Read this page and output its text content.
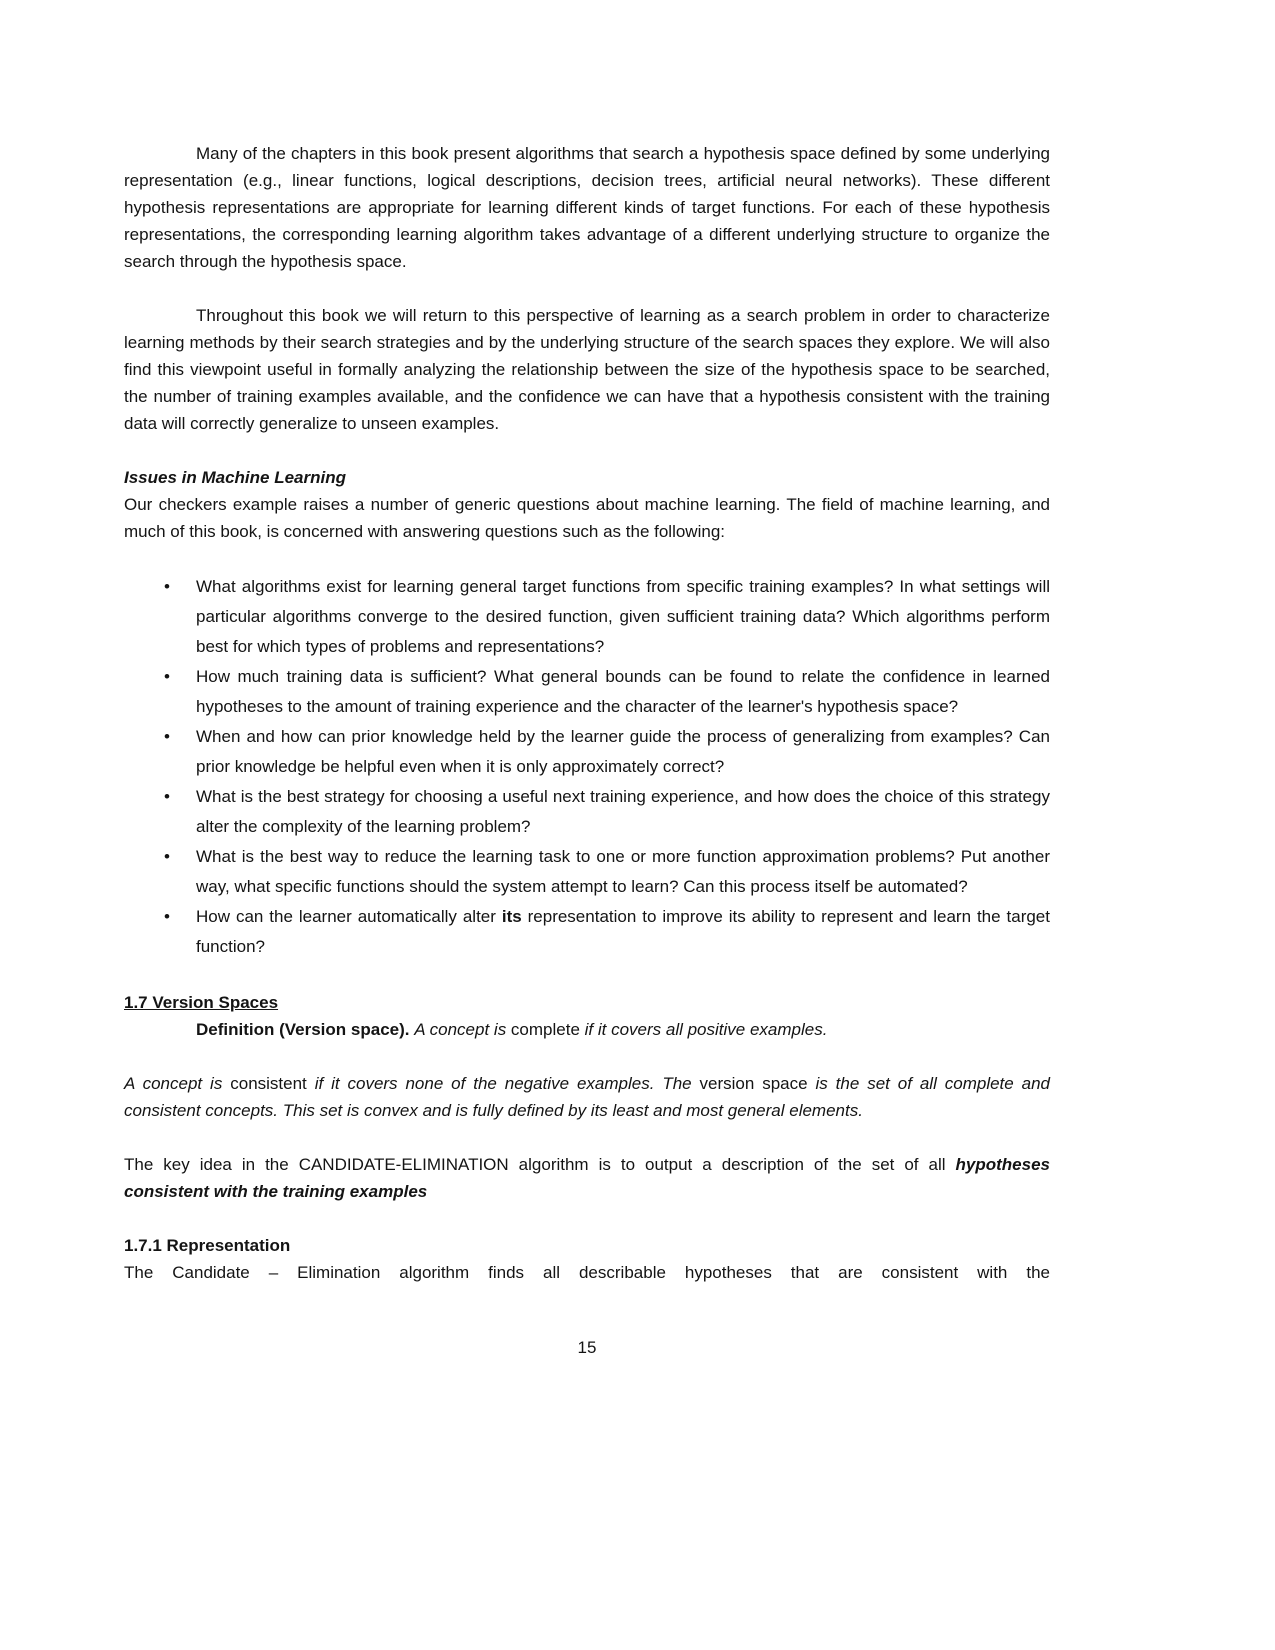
Many of the chapters in this book present algorithms that search a hypothesis space defined by some underlying representation (e.g., linear functions, logical descriptions, decision trees, artificial neural networks). These different hypothesis representations are appropriate for learning different kinds of target functions. For each of these hypothesis representations, the corresponding learning algorithm takes advantage of a different underlying structure to organize the search through the hypothesis space.

Throughout this book we will return to this perspective of learning as a search problem in order to characterize learning methods by their search strategies and by the underlying structure of the search spaces they explore. We will also find this viewpoint useful in formally analyzing the relationship between the size of the hypothesis space to be searched, the number of training examples available, and the confidence we can have that a hypothesis consistent with the training data will correctly generalize to unseen examples.

Issues in Machine Learning

Our checkers example raises a number of generic questions about machine learning. The field of machine learning, and much of this book, is concerned with answering questions such as the following:

• What algorithms exist for learning general target functions from specific training examples? In what settings will particular algorithms converge to the desired function, given sufficient training data? Which algorithms perform best for which types of problems and representations?
• How much training data is sufficient? What general bounds can be found to relate the confidence in learned hypotheses to the amount of training experience and the character of the learner's hypothesis space?
• When and how can prior knowledge held by the learner guide the process of generalizing from examples? Can prior knowledge be helpful even when it is only approximately correct?
• What is the best strategy for choosing a useful next training experience, and how does the choice of this strategy alter the complexity of the learning problem?
• What is the best way to reduce the learning task to one or more function approximation problems? Put another way, what specific functions should the system attempt to learn? Can this process itself be automated?
• How can the learner automatically alter its representation to improve its ability to represent and learn the target function?
1.7 Version Spaces

Definition (Version space). A concept is complete if it covers all positive examples.

A concept is consistent if it covers none of the negative examples. The version space is the set of all complete and consistent concepts. This set is convex and is fully defined by its least and most general elements.

The key idea in the CANDIDATE-ELIMINATION algorithm is to output a description of the set of all hypotheses consistent with the training examples

1.7.1 Representation

The Candidate – Elimination algorithm finds all describable hypotheses that are consistent with the

15
